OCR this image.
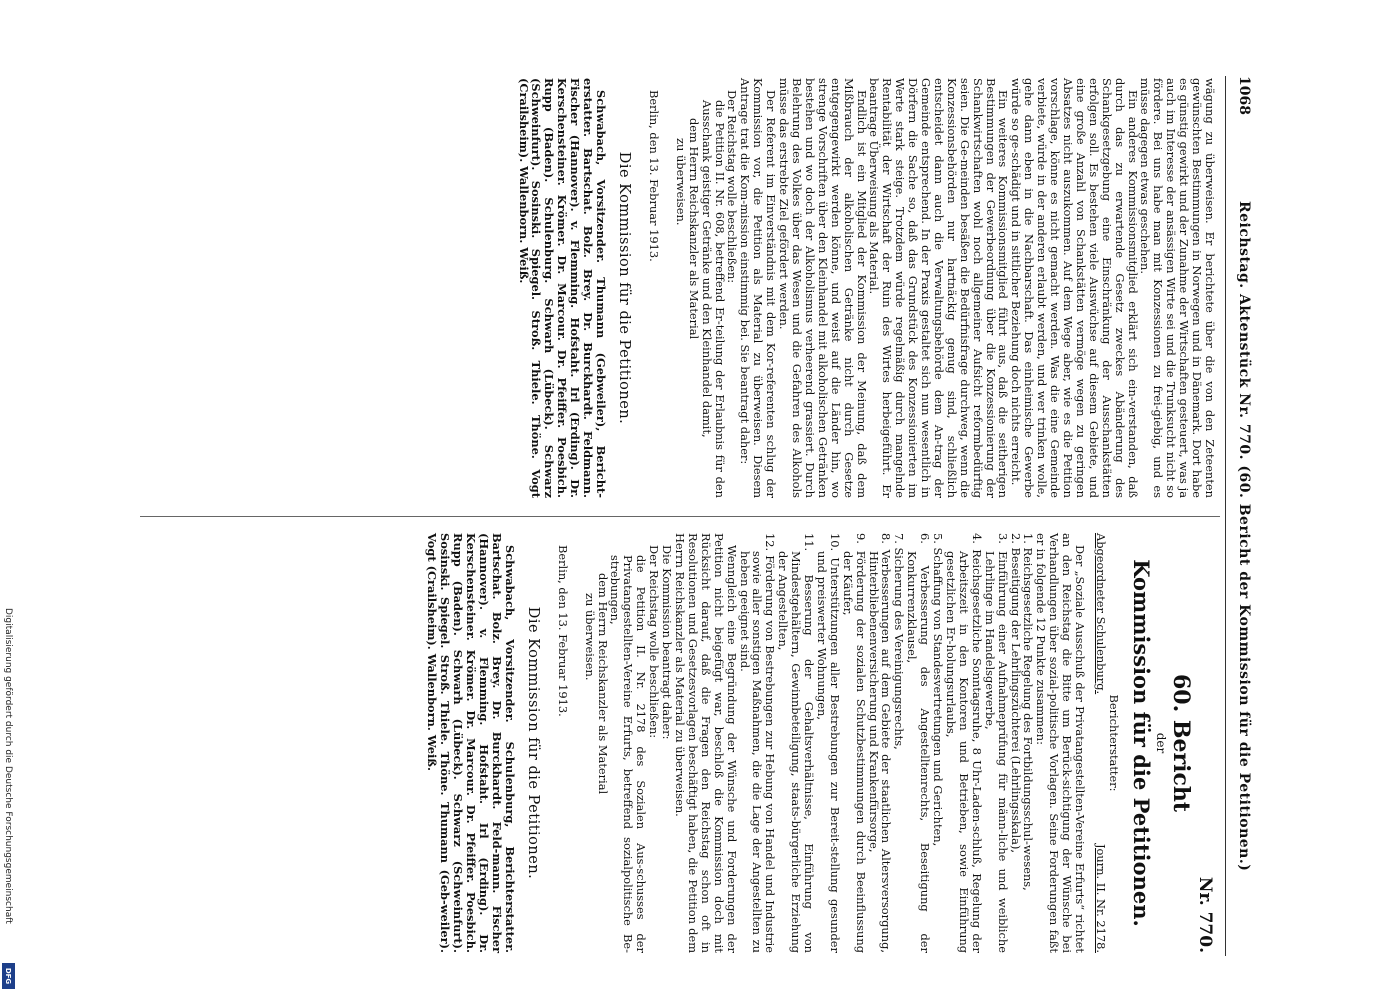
Digitalisierung gefördert durch die Deutsche Forschungsgemeinschaft
DFG
1068
Reichstag. Aktenstück Nr. 770. (60. Bericht der Kommission für die Petitionen.)

wägung zu überweisen. Er berichtete über die von den Zeteenten gewünschten Bestimmungen in Norwegen und in Dänemark. Dort habe es günstig gewirkt und der Zunahme der Wirtschaften gesteuert, was ja auch im Interesse der ansässigen Wirte sei und die Trunksucht nicht so fördere. Bei uns habe man mit Konzessionen zu frei-giebig, und es müsse dagegen etwas geschehen.

Ein anderes Kommissionsmitglied erklärt sich ein-verstanden, daß durch das zu erwartende Gesetz zweckes Abänderung des Schankgesetzgebung eine Einschränkung der Ausschankstätten erfolgen soll. Es bestehen viele Auswüchse auf diesem Gebiete, und eine große Anzahl von Schankstätten vermöge wegen zu geringen Absatzes nicht auszukommen. Auf dem Wege aber, wie es die Petition vorschlage, könne es nicht gemacht werden. Was die eine Gemeinde verbiete, würde in der anderen erlaubt werden, und wer trinken wolle, gehe dann eben in die Nachbarschaft. Das einheimische Gewerbe würde so ge-schädigt und in sittlicher Beziehung doch nichts erreicht.

Ein weiteres Kommissionsmitglied führt aus, daß die seitherigen Bestimmungen der Gewerbeordnung über die Konzessionierung der Schankwirtschaften wohl noch allgemeiner Aufsicht reformbedürftig seien. Die Ge-meinden besäßen die Bedürfnisfrage durchweg, wenn die Konzessionsbehörden nur hartnäckig genug sind, schließlich entscheidet dann auch die Verwaltungsbehörde dem An-trag der Gemeinde entsprechend. In der Praxis gestaltet sich nun wesentlich in Dörfern die Sache so, daß das Grundstück des Konzessionierten im Werte stark steige. Trotzdem würde regelmäßig durch mangelnde Rentabilität der Wirtschaft der Ruin des Wirtes herbeigeführt. Er beantrage Überweisung als Material.

Endlich ist ein Mitglied der Kommission der Meinung, daß dem Mißbrauch der alkoholischen Getränke nicht durch Gesetze entgegengewirkt werden könne, und weist auf die Länder hin, wo strenge Vorschriften über den Kleinhandel mit alkoholischen Getränken bestehen und wo doch der Alkoholismus verheerend grassiert. Durch Belehrung des Volkes über das Wesen und die Gefahren des Alkohols müsse das erstrebte Ziel gefördert werden.

Der Referent im Einverständnis mit dem Kor-referenten schlug der Kommission vor, die Petition als Material zu überweisen. Diesem Antrage trat die Kom-mission einstimmig bei. Sie beantragt daher:

Der Reichstag wolle beschließen:

die Petition II. Nr. 608, betreffend Er-teilung der Erlaubnis für den Ausschank geistiger Getränke und den Kleinhandel damit,

dem Herrn Reichskanzler als Material

zu überweisen.

Berlin, den 13. Februar 1913.

Die Kommission für die Petitionen.

Schwabach, Vorsitzender. Thumann (Gebweiler), Bericht-erstatter. Bartschat. Bolz. Brey. Dr. Burckhardt. Feldmann. Fischer (Hannover). v. Flemming. Hofstaht. Irl (Erding). Dr. Kerschensteiner. Krömer. Dr. Marcour. Dr. Pfeiffer. Poesbich. Rupp (Baden). Schulenburg. Schwarh (Lübeck). Schwarz (Schweinfurt). Sosinski. Spiegel. Stroß. Thiele. Thöne. Vogt (Crailsheim). Wallenborn. Weiß.

Nr. 770.

60. Bericht

der

Kommission für die Petitionen.

Berichterstatter:

Abgeordneter Schulenburg.
Journ. II. Nr. 2178.

Der „Soziale Ausschuß der Privatangestellten-Vereine Erfurts“ richtet an den Reichstag die Bitte um Berück-sichtigung der Wünsche bei Verhandlungen über sozial-politische Vorlagen. Seine Forderungen faßt er in folgende 12 Punkte zusammen:

1. Reichsgesetzliche Regelung des Fortbildungsschul-wesens,

2. Beseitigung der Lehrlingszüchterei (Lehrlingsskala),

3. Einführung einer Aufnahmeprüfung für männ-liche und weibliche Lehrlinge im Handelsgewerbe,

4. Reichsgesetzliche Sonntagsruhe, 8 Uhr-Laden-schluß, Regelung der Arbeitszeit in den Kontoren und Betrieben, sowie Einführung gesetzlichen Er-holungsurlaubs,

5. Schaffung von Standesvertretungen und Gerichten,

6. Verbesserung des Angestelltenrechts, Beseitigung der Konkurrenzklausel,

7. Sicherung des Vereinigungsrechts,

8. Verbesserungen auf dem Gebiete der staatlichen Altersversorgung, Hinterbliebenenversicherung und Krankenfürsorge,

9. Förderung der sozialen Schutzbestimmungen durch Beeinflussung der Käufer,

10. Unterstützungen aller Bestrebungen zur Bereit-stellung gesunder und preiswerter Wohnungen,

11. Besserung der Gehaltsverhältnisse, Einführung von Mindestgehältern, Gewinnbeteiligung, staats-bürgerliche Erziehung der Angestellten,

12. Förderung von Bestrebungen zur Hebung von Handel und Industrie sowie aller sonstigen Maßnahmen, die die Lage der Angestellten zu heben geeignet sind.

Wenngleich eine Begründung der Wünsche und Forderungen der Petition nicht beigefügt war, beschloß die Kommission doch mit Rücksicht darauf, daß die Fragen den Reichstag schon oft in Resolutionen und Gesetzesvorlagen beschäftigt haben, die Petition dem Herrn Reichskanzler als Material zu überweisen.

Die Kommission beantragt daher:

Der Reichstag wolle beschließen:

die Petition II. Nr. 2178 des Sozialen Aus-schusses der Privatangestellten-Vereine Erfurts, betreffend sozialpolitische Be-strebungen,

dem Herrn Reichskanzler als Material

zu überweisen.

Berlin, den 13. Februar 1913.

Die Kommission für die Petitionen.

Schwabach, Vorsitzender. Schulenburg, Berichterstatter. Bartschat. Bolz. Brey. Dr. Burckhardt. Feld-mann. Fischer (Hannover). v. Flemming. Hofstaht. Irl (Erding). Dr. Kerschensteiner. Krömer. Dr. Marcour. Dr. Pfeiffer. Poesbich. Rupp (Baden). Schwarh (Lübeck). Schwarz (Schweinfurt). Sosinski. Spiegel. Stroß. Thiele. Thöne. Thumann (Geb-weiler). Vogt (Crailsheim). Wallenborn. Weiß.
